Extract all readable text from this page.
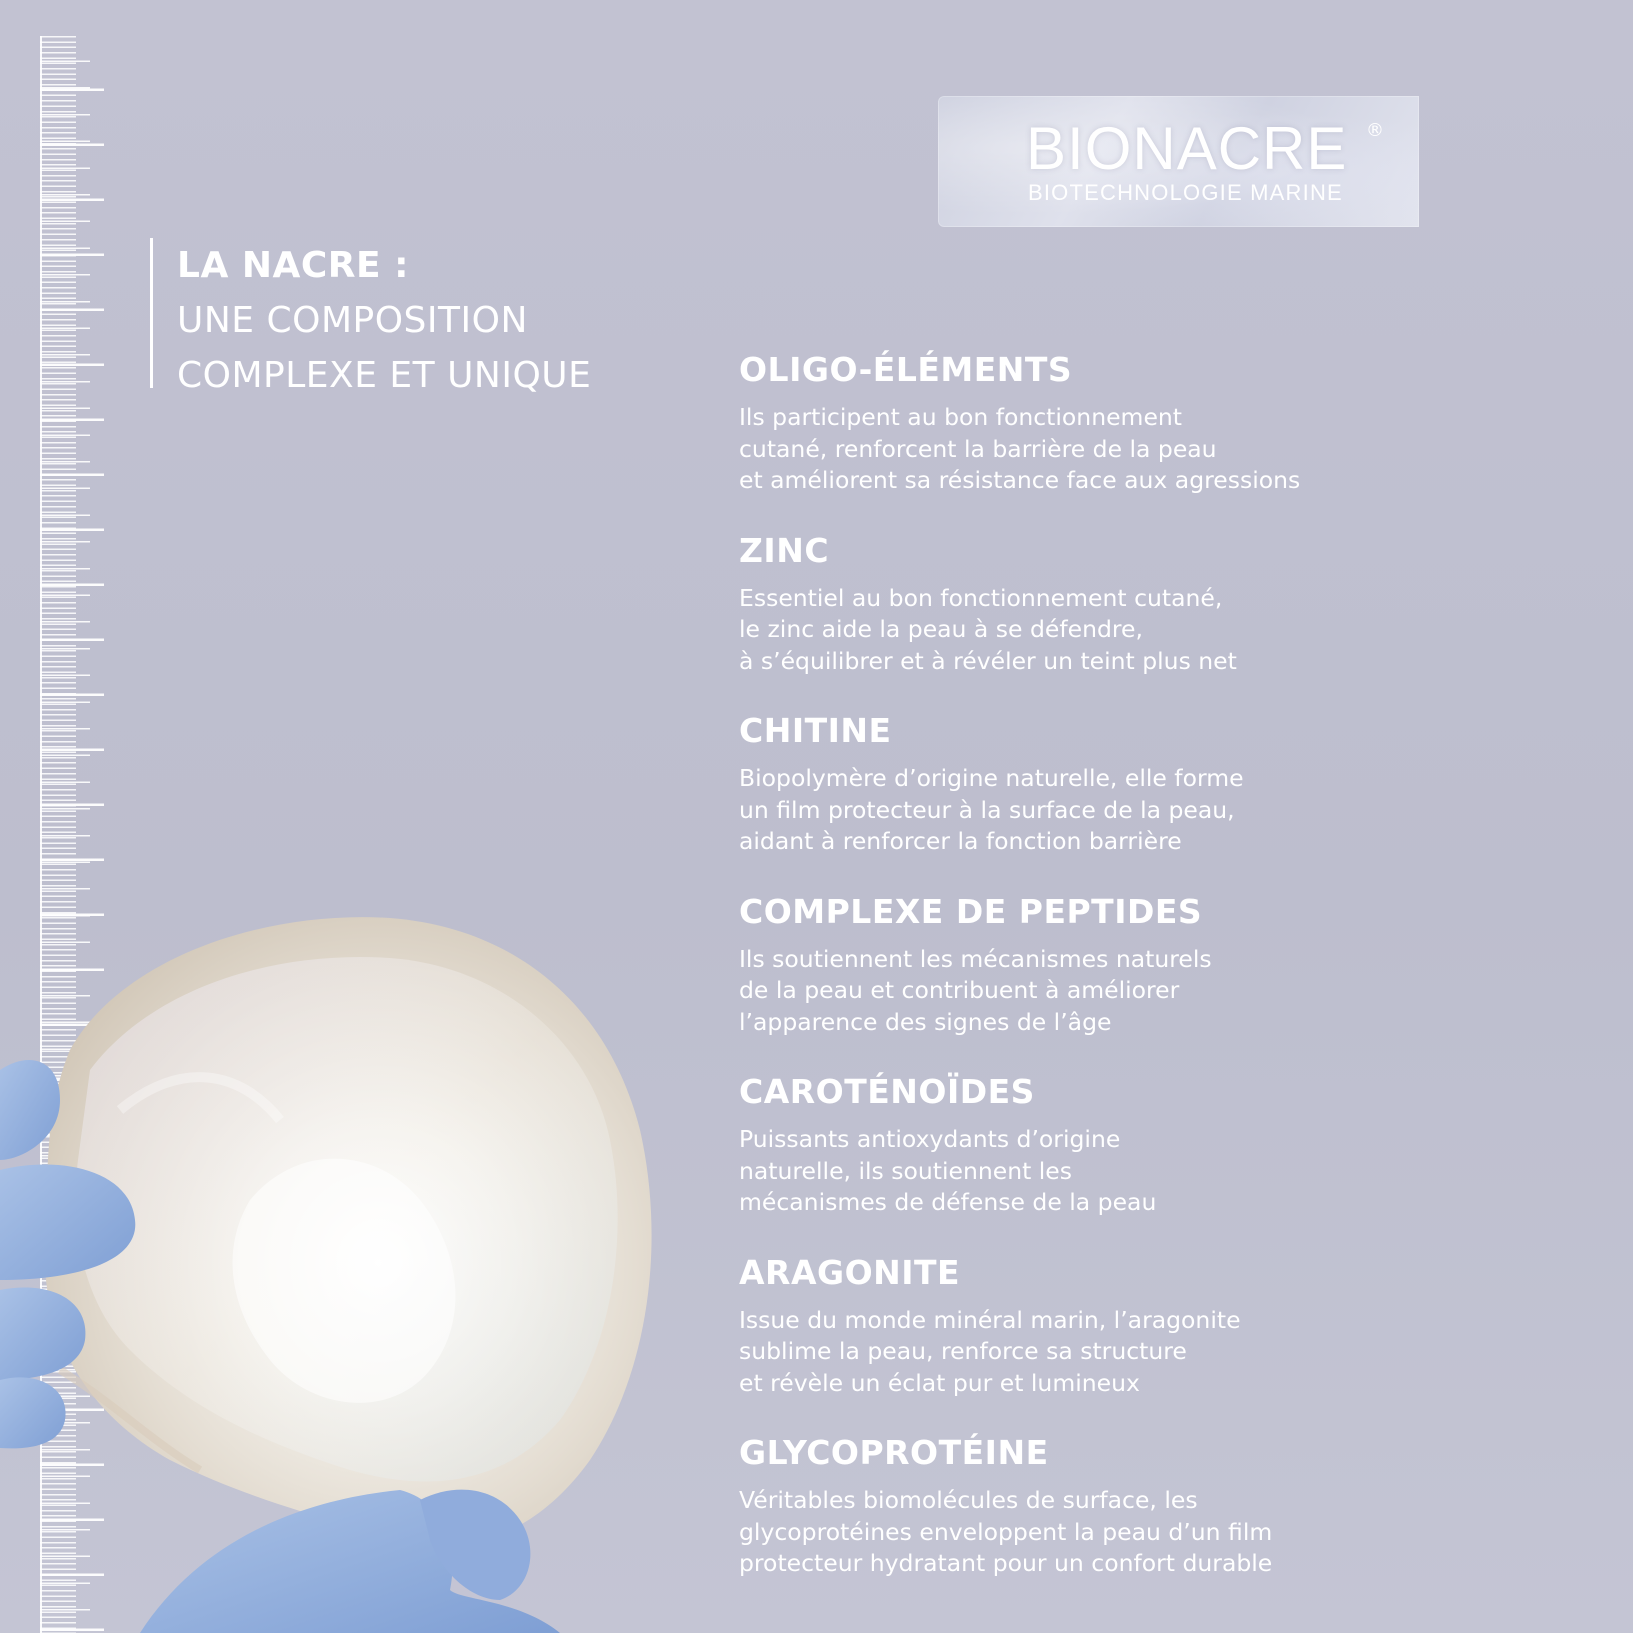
BIONACRE ®
BIOTECHNOLOGIE MARINE
LA NACRE :
UNE COMPOSITION
COMPLEXE ET UNIQUE	OLIGO-ÉLÉMENTS
Ils participent au bon fonctionnement
cutané, renforcent la barrière de la peau
et améliorent sa résistance face aux agressions
ZINC
Essentiel au bon fonctionnement cutané,
le zinc aide la peau à se défendre,
à s’équilibrer et à révéler un teint plus net
CHITINE
Biopolymère d’origine naturelle, elle forme
un film protecteur à la surface de la peau,
aidant à renforcer la fonction barrière
COMPLEXE DE PEPTIDES
Ils soutiennent les mécanismes naturels
de la peau et contribuent à améliorer
l’apparence des signes de l’âge
CAROTÉNOÏDES
Puissants antioxydants d’origine
naturelle, ils soutiennent les
mécanismes de défense de la peau
ARAGONITE
Issue du monde minéral marin, l’aragonite
sublime la peau, renforce sa structure
et révèle un éclat pur et lumineux
GLYCOPROTÉINE
Véritables biomolécules de surface, les
glycoprotéines enveloppent la peau d’un film
protecteur hydratant pour un confort durable
